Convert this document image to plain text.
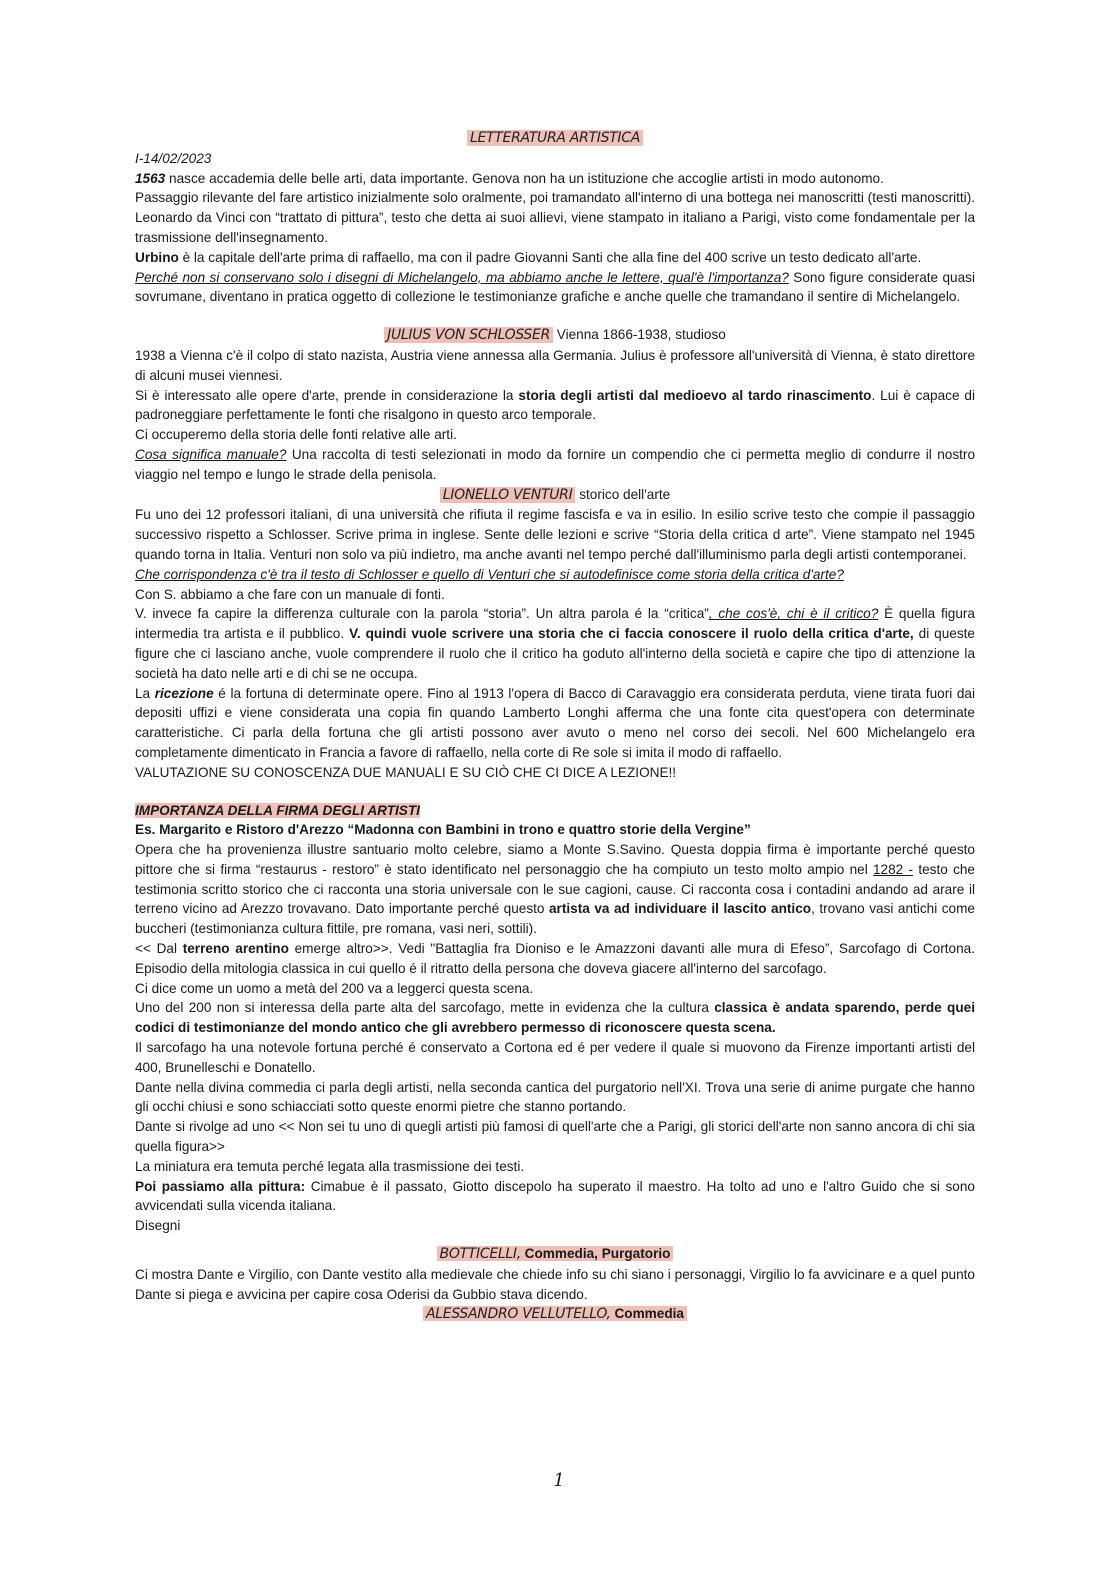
LETTERATURA ARTISTICA
I-14/02/2023

1563 nasce accademia delle belle arti, data importante. Genova non ha un istituzione che accoglie artisti in modo autonomo.

Passaggio rilevante del fare artistico inizialmente solo oralmente, poi tramandato all'interno di una bottega nei manoscritti (testi manoscritti). Leonardo da Vinci con “trattato di pittura”, testo che detta ai suoi allievi, viene stampato in italiano a Parigi, visto come fondamentale per la trasmissione dell'insegnamento.

Urbino è la capitale dell'arte prima di raffaello, ma con il padre Giovanni Santi che alla fine del 400 scrive un testo dedicato all'arte.

Perché non si conservano solo i disegni di Michelangelo, ma abbiamo anche le lettere, qual'è l'importanza? Sono figure considerate quasi sovrumane, diventano in pratica oggetto di collezione le testimonianze grafiche e anche quelle che tramandano il sentire di Michelangelo.

JULIUS VON SCHLOSSER Vienna 1866-1938, studioso

1938 a Vienna c'è il colpo di stato nazista, Austria viene annessa alla Germania. Julius è professore all'università di Vienna, è stato direttore di alcuni musei viennesi.

Si è interessato alle opere d'arte, prende in considerazione la storia degli artisti dal medioevo al tardo rinascimento. Lui è capace di padroneggiare perfettamente le fonti che risalgono in questo arco temporale.

Ci occuperemo della storia delle fonti relative alle arti.

Cosa significa manuale? Una raccolta di testi selezionati in modo da fornire un compendio che ci permetta meglio di condurre il nostro viaggio nel tempo e lungo le strade della penisola.

LIONELLO VENTURI storico dell'arte

Fu uno dei 12 professori italiani, di una università che rifiuta il regime fascisfa e va in esilio. In esilio scrive testo che compie il passaggio successivo rispetto a Schlosser. Scrive prima in inglese. Sente delle lezioni e scrive “Storia della critica d arte”. Viene stampato nel 1945 quando torna in Italia. Venturi non solo va più indietro, ma anche avanti nel tempo perché dall'illuminismo parla degli artisti contemporanei.

Che corrispondenza c'è tra il testo di Schlosser e quello di Venturi che si autodefinisce come storia della critica d'arte?

Con S. abbiamo a che fare con un manuale di fonti.

V. invece fa capire la differenza culturale con la parola “storia”. Un altra parola é la “critica”, che cos'è, chi è il critico? È quella figura intermedia tra artista e il pubblico. V. quindi vuole scrivere una storia che ci faccia conoscere il ruolo della critica d'arte, di queste figure che ci lasciano anche, vuole comprendere il ruolo che il critico ha goduto all'interno della società e capire che tipo di attenzione la società ha dato nelle arti e di chi se ne occupa.

La ricezione é la fortuna di determinate opere. Fino al 1913 l'opera di Bacco di Caravaggio era considerata perduta, viene tirata fuori dai depositi uffizi e viene considerata una copia fin quando Lamberto Longhi afferma che una fonte cita quest'opera con determinate caratteristiche. Ci parla della fortuna che gli artisti possono aver avuto o meno nel corso dei secoli. Nel 600 Michelangelo era completamente dimenticato in Francia a favore di raffaello, nella corte di Re sole si imita il modo di raffaello.

VALUTAZIONE SU CONOSCENZA DUE MANUALI E SU CIÒ CHE CI DICE A LEZIONE!!

IMPORTANZA DELLA FIRMA DEGLI ARTISTI

Es. Margarito e Ristoro d'Arezzo “Madonna con Bambini in trono e quattro storie della Vergine”

Opera che ha provenienza illustre santuario molto celebre, siamo a Monte S.Savino. Questa doppia firma è importante perché questo pittore che si firma “restaurus - restoro” è stato identificato nel personaggio che ha compiuto un testo molto ampio nel 1282 - testo che testimonia scritto storico che ci racconta una storia universale con le sue cagioni, cause. Ci racconta cosa i contadini andando ad arare il terreno vicino ad Arezzo trovavano. Dato importante perché questo artista va ad individuare il lascito antico, trovano vasi antichi come buccheri (testimonianza cultura fittile, pre romana, vasi neri, sottili).

<< Dal terreno arentino emerge altro>>. Vedi "Battaglia fra Dioniso e le Amazzoni davanti alle mura di Efeso”, Sarcofago di Cortona. Episodio della mitologia classica in cui quello é il ritratto della persona che doveva giacere all'interno del sarcofago.

Ci dice come un uomo a metà del 200 va a leggerci questa scena.

Uno del 200 non si interessa della parte alta del sarcofago, mette in evidenza che la cultura classica è andata sparendo, perde quei codici di testimonianze del mondo antico che gli avrebbero permesso di riconoscere questa scena.

Il sarcofago ha una notevole fortuna perché é conservato a Cortona ed é per vedere il quale si muovono da Firenze importanti artisti del 400, Brunelleschi e Donatello.

Dante nella divina commedia ci parla degli artisti, nella seconda cantica del purgatorio nell'XI. Trova una serie di anime purgate che hanno gli occhi chiusi e sono schiacciati sotto queste enormi pietre che stanno portando.

Dante si rivolge ad uno << Non sei tu uno di quegli artisti più famosi di quell'arte che a Parigi, gli storici dell'arte non sanno ancora di chi sia quella figura>>

La miniatura era temuta perché legata alla trasmissione dei testi.

Poi passiamo alla pittura: Cimabue è il passato, Giotto discepolo ha superato il maestro. Ha tolto ad uno e l'altro Guido che si sono avvicendati sulla vicenda italiana.

Disegni

BOTTICELLI, Commedia, Purgatorio

Ci mostra Dante e Virgilio, con Dante vestito alla medievale che chiede info su chi siano i personaggi, Virgilio lo fa avvicinare e a quel punto Dante si piega e avvicina per capire cosa Oderisi da Gubbio stava dicendo.

ALESSANDRO VELLUTELLO, Commedia
1
